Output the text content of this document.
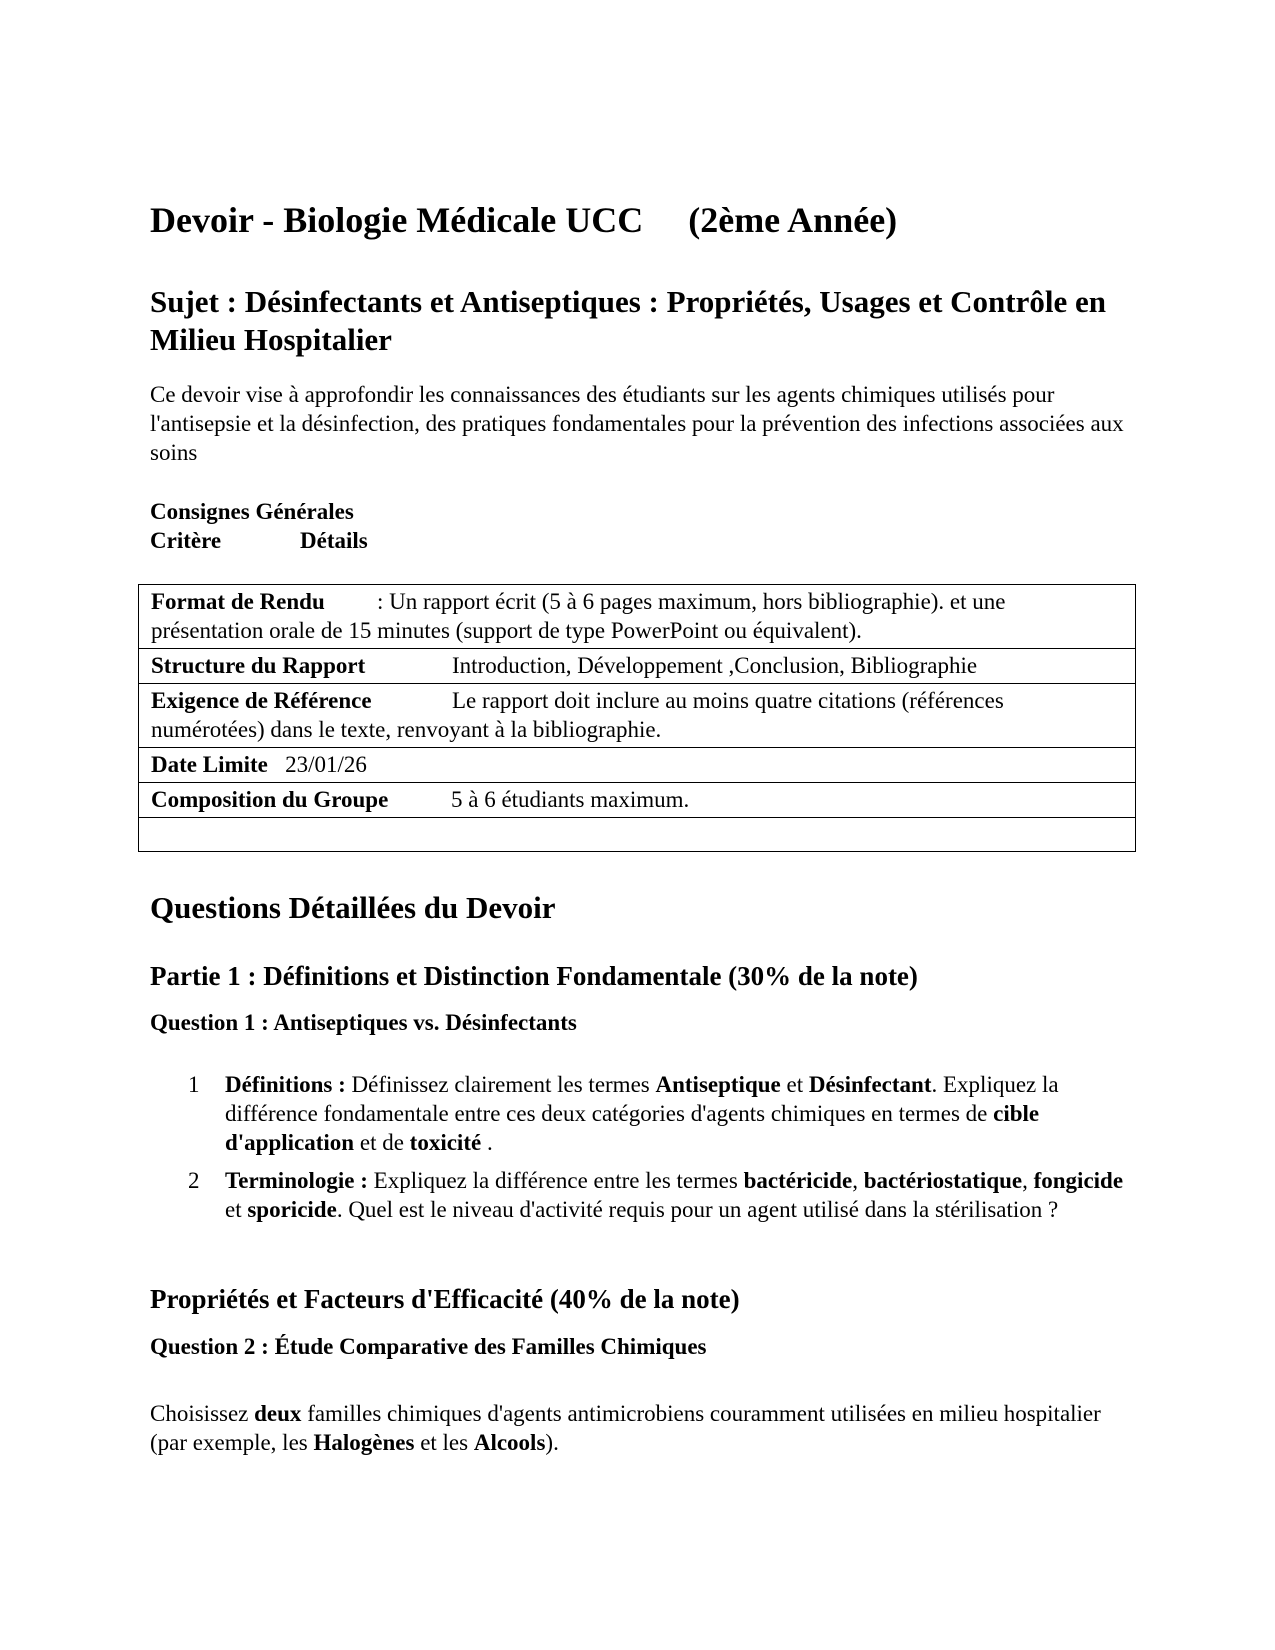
Devoir - Biologie Médicale UCC     (2ème Année)
Sujet : Désinfectants et Antiseptiques : Propriétés, Usages et Contrôle en Milieu Hospitalier

Ce devoir vise à approfondir les connaissances des étudiants sur les agents chimiques utilisés pour l'antisepsie et la désinfection, des pratiques fondamentales pour la prévention des infections associées aux soins

Consignes Générales
Critère	Détails
Format de Rendu : Un rapport écrit (5 à 6 pages maximum, hors bibliographie). et une présentation orale de 15 minutes (support de type PowerPoint ou équivalent).
Structure du Rapport	Introduction, Développement ,Conclusion, Bibliographie
Exigence de Référence	Le rapport doit inclure au moins quatre citations (références numérotées) dans le texte, renvoyant à la bibliographie.
Date Limite 23/01/26
Composition du Groupe	5 à 6 étudiants maximum.

Questions Détaillées du Devoir
Partie 1 : Définitions et Distinction Fondamentale (30% de la note)
Question 1 : Antiseptiques vs. Désinfectants
1 Définitions : Définissez clairement les termes Antiseptique et Désinfectant. Expliquez la différence fondamentale entre ces deux catégories d'agents chimiques en termes de cible d'application et de toxicité .
2 Terminologie : Expliquez la différence entre les termes bactéricide, bactériostatique, fongicide et sporicide. Quel est le niveau d'activité requis pour un agent utilisé dans la stérilisation ?
Propriétés et Facteurs d'Efficacité (40% de la note)
Question 2 : Étude Comparative des Familles Chimiques

Choisissez deux familles chimiques d'agents antimicrobiens couramment utilisées en milieu hospitalier (par exemple, les Halogènes et les Alcools).
